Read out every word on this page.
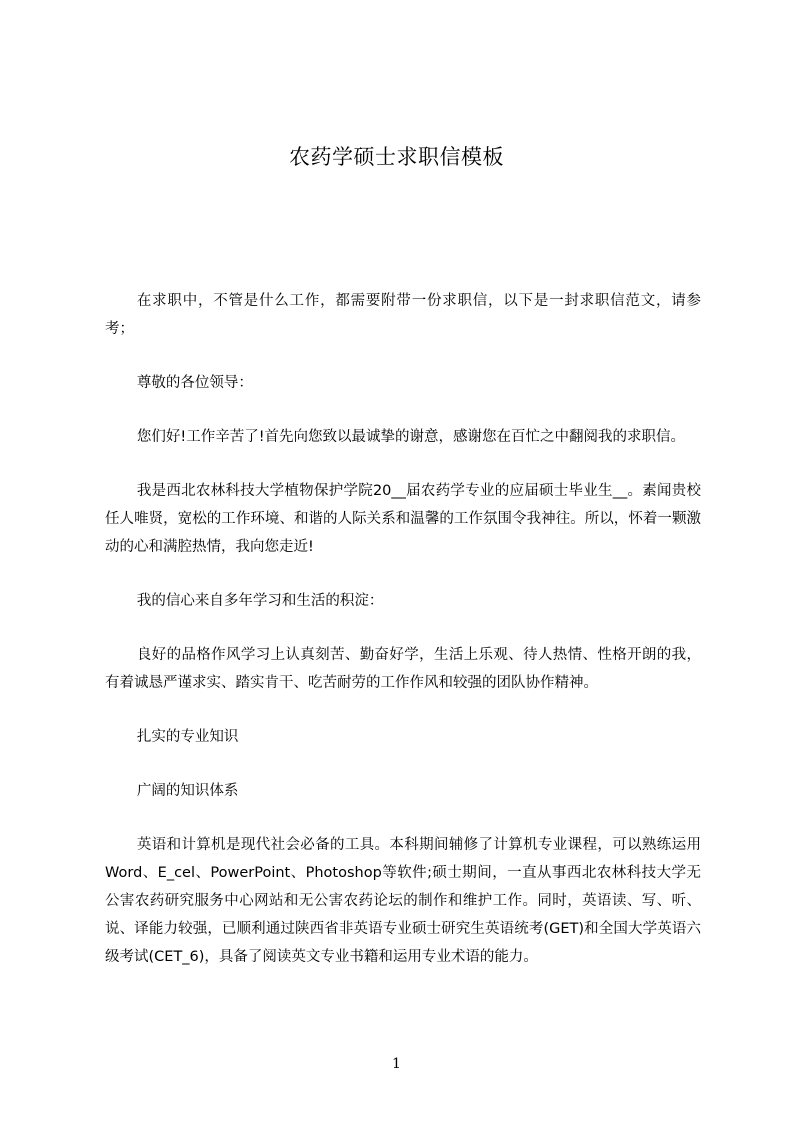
农药学硕士求职信模板

在求职中，不管是什么工作，都需要附带一份求职信，以下是一封求职信范文，请参考；

尊敬的各位领导：

您们好!工作辛苦了!首先向您致以最诚挚的谢意，感谢您在百忙之中翻阅我的求职信。

我是西北农林科技大学植物保护学院20__届农药学专业的应届硕士毕业生__。素闻贵校任人唯贤，宽松的工作环境、和谐的人际关系和温馨的工作氛围令我神往。所以，怀着一颗激动的心和满腔热情，我向您走近!

我的信心来自多年学习和生活的积淀：

良好的品格作风学习上认真刻苦、勤奋好学，生活上乐观、待人热情、性格开朗的我，有着诚恳严谨求实、踏实肯干、吃苦耐劳的工作作风和较强的团队协作精神。

扎实的专业知识

广阔的知识体系

英语和计算机是现代社会必备的工具。本科期间辅修了计算机专业课程，可以熟练运用Word、E_cel、PowerPoint、Photoshop等软件;硕士期间，一直从事西北农林科技大学无公害农药研究服务中心网站和无公害农药论坛的制作和维护工作。同时，英语读、写、听、说、译能力较强，已顺利通过陕西省非英语专业硕士研究生英语统考(GET)和全国大学英语六级考试(CET_6)，具备了阅读英文专业书籍和运用专业术语的能力。

1
